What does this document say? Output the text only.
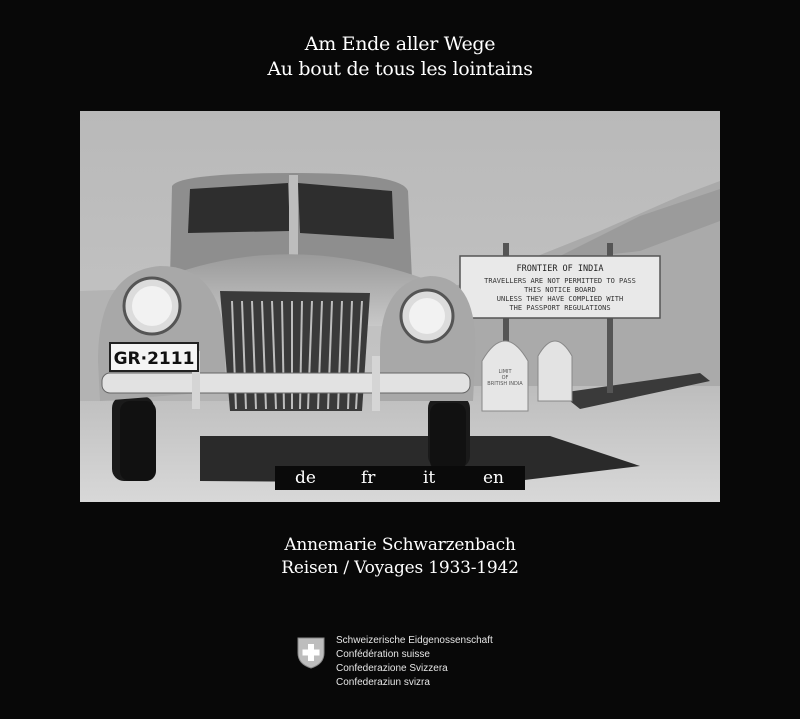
Am Ende aller Wege
Au bout de tous les lointains
FRONTIER OF INDIA
TRAVELLERS ARE NOT PERMITTED TO PASS
THIS NOTICE BOARD
UNLESS THEY HAVE COMPLIED WITH
THE PASSPORT REGULATIONS
LIMIT
OF
BRITISH INDIA
GR·2111
de	fr	it	en
Annemarie Schwarzenbach
Reisen / Voyages 1933-1942
Schweizerische Eidgenossenschaft
Confédération suisse
Confederazione Svizzera
Confederaziun svizra
